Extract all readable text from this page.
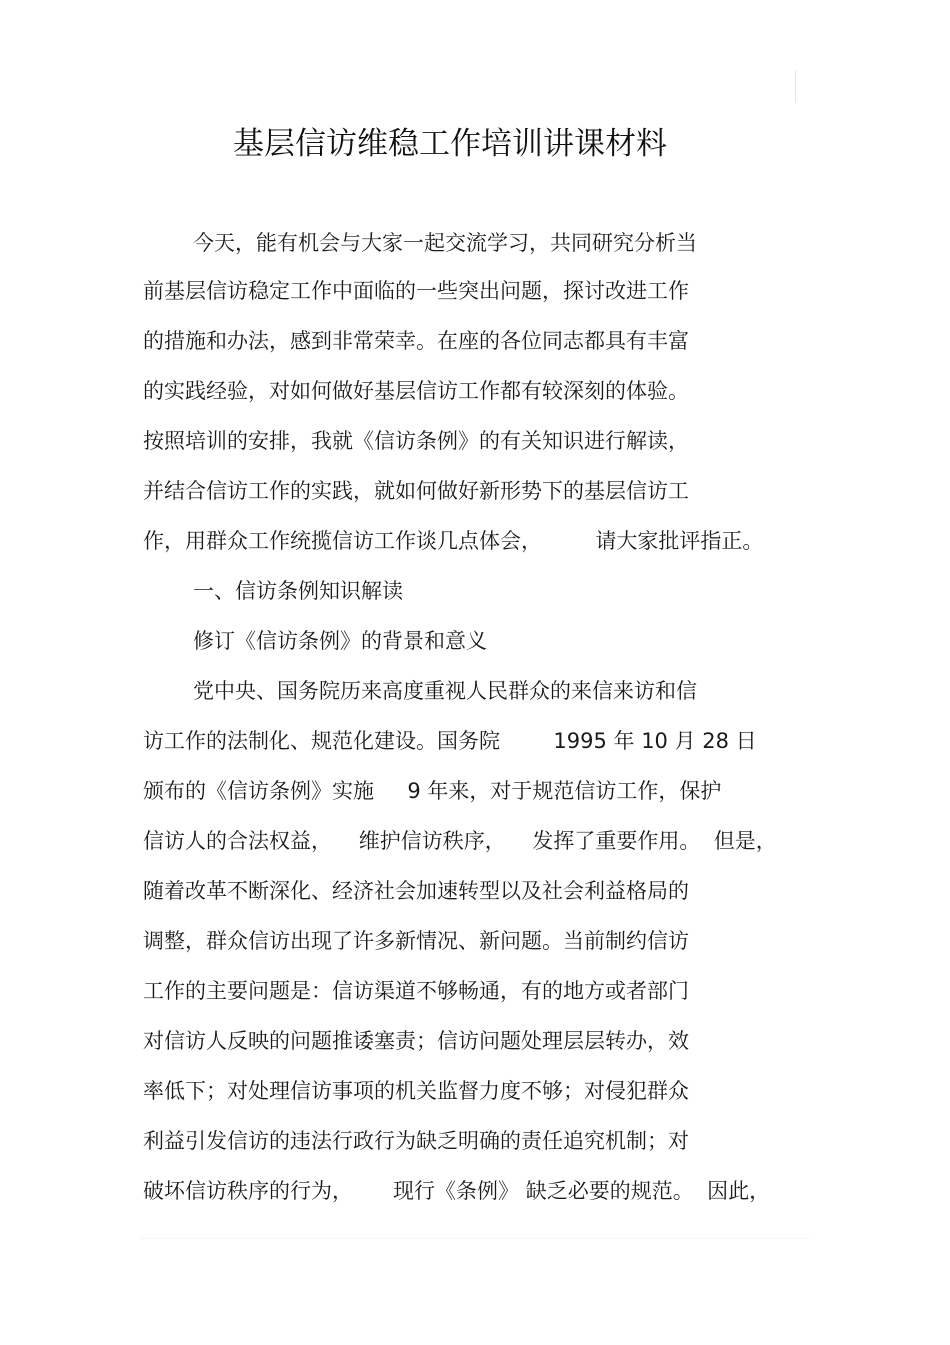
基层信访维稳工作培训讲课材料
今天，能有机会与大家一起交流学习，共同研究分析当
前基层信访稳定工作中面临的一些突出问题，探讨改进工作
的措施和办法，感到非常荣幸。在座的各位同志都具有丰富
的实践经验，对如何做好基层信访工作都有较深刻的体验。
按照培训的安排，我就《信访条例》的有关知识进行解读，
并结合信访工作的实践，就如何做好新形势下的基层信访工
作，用群众工作统揽信访工作谈几点体会，        请大家批评指正。
一、信访条例知识解读
修订《信访条例》的背景和意义
党中央、国务院历来高度重视人民群众的来信来访和信
访工作的法制化、规范化建设。国务院        1995 年 10 月 28 日
颁布的《信访条例》实施     9 年来，对于规范信访工作，保护
信访人的合法权益，    维护信访秩序，    发挥了重要作用。  但是，
随着改革不断深化、经济社会加速转型以及社会利益格局的
调整，群众信访出现了许多新情况、新问题。当前制约信访
工作的主要问题是：信访渠道不够畅通，有的地方或者部门
对信访人反映的问题推诿塞责；信访问题处理层层转办，效
率低下；对处理信访事项的机关监督力度不够；对侵犯群众
利益引发信访的违法行政行为缺乏明确的责任追究机制；对
破坏信访秩序的行为，      现行《条例》 缺乏必要的规范。  因此，
